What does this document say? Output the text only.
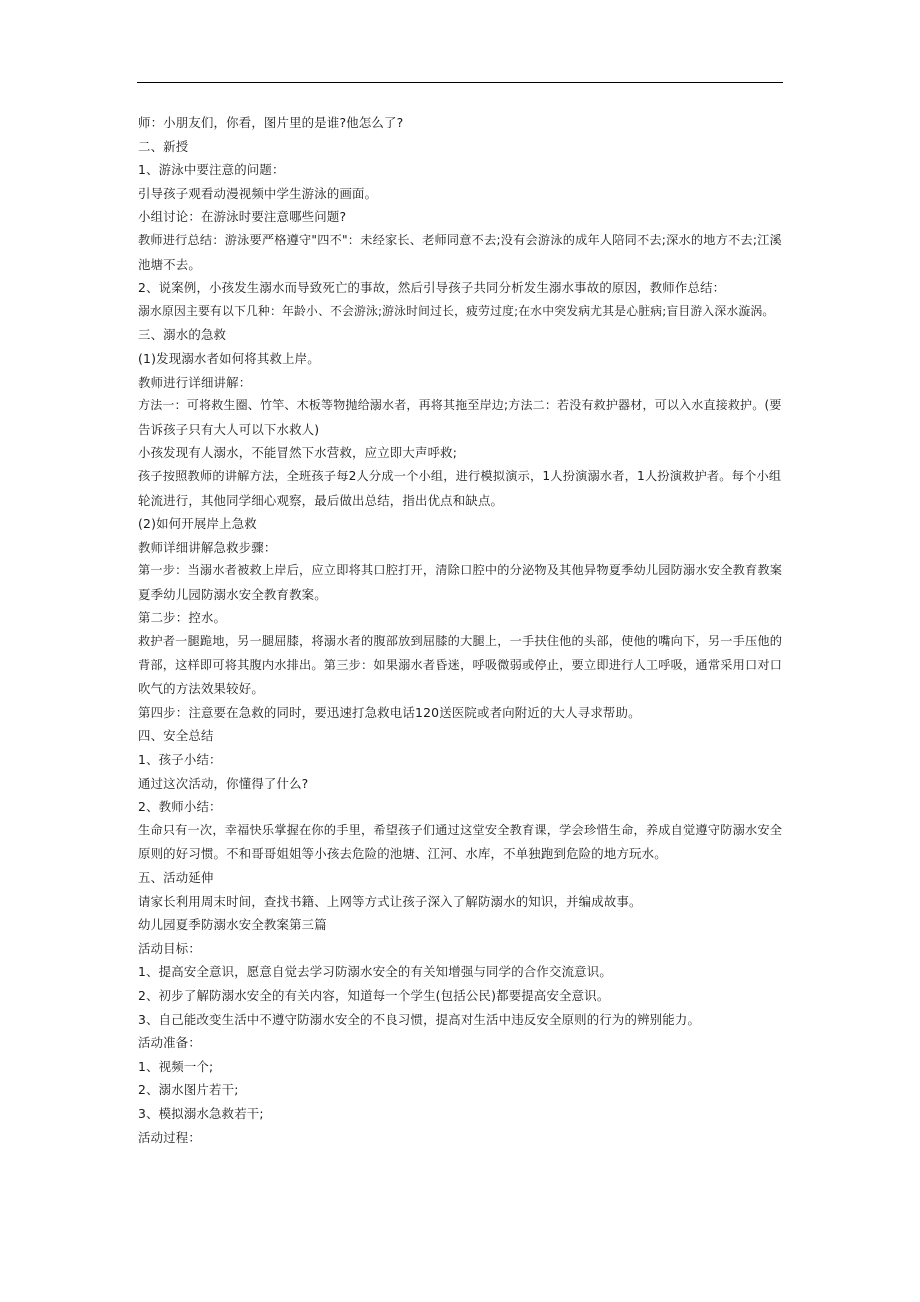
师：小朋友们，你看，图片里的是谁?他怎么了?

二、新授

1、游泳中要注意的问题：

引导孩子观看动漫视频中学生游泳的画面。

小组讨论：在游泳时要注意哪些问题?

教师进行总结：游泳要严格遵守"四不"：未经家长、老师同意不去;没有会游泳的成年人陪同不去;深水的地方不去;江溪

池塘不去。

2、说案例，小孩发生溺水而导致死亡的事故，然后引导孩子共同分析发生溺水事故的原因，教师作总结：

溺水原因主要有以下几种：年龄小、不会游泳;游泳时间过长，疲劳过度;在水中突发病尤其是心脏病;盲目游入深水漩涡。

三、溺水的急救

(1)发现溺水者如何将其救上岸。

教师进行详细讲解：

方法一：可将救生圈、竹竿、木板等物抛给溺水者，再将其拖至岸边;方法二：若没有救护器材，可以入水直接救护。(要

告诉孩子只有大人可以下水救人)

小孩发现有人溺水，不能冒然下水营救，应立即大声呼救;

孩子按照教师的讲解方法，全班孩子每2人分成一个小组，进行模拟演示，1人扮演溺水者，1人扮演救护者。每个小组

轮流进行，其他同学细心观察，最后做出总结，指出优点和缺点。

(2)如何开展岸上急救

教师详细讲解急救步骤：

第一步：当溺水者被救上岸后，应立即将其口腔打开，清除口腔中的分泌物及其他异物夏季幼儿园防溺水安全教育教案

夏季幼儿园防溺水安全教育教案。

第二步：控水。

救护者一腿跪地，另一腿屈膝，将溺水者的腹部放到屈膝的大腿上，一手扶住他的头部，使他的嘴向下，另一手压他的

背部，这样即可将其腹内水排出。第三步：如果溺水者昏迷，呼吸微弱或停止，要立即进行人工呼吸，通常采用口对口

吹气的方法效果较好。

第四步：注意要在急救的同时，要迅速打急救电话120送医院或者向附近的大人寻求帮助。

四、安全总结

1、孩子小结：

通过这次活动，你懂得了什么?

2、教师小结：

生命只有一次，幸福快乐掌握在你的手里，希望孩子们通过这堂安全教育课，学会珍惜生命，养成自觉遵守防溺水安全

原则的好习惯。不和哥哥姐姐等小孩去危险的池塘、江河、水库，不单独跑到危险的地方玩水。

五、活动延伸

请家长利用周末时间，查找书籍、上网等方式让孩子深入了解防溺水的知识，并编成故事。

幼儿园夏季防溺水安全教案第三篇

活动目标：

1、提高安全意识，愿意自觉去学习防溺水安全的有关知增强与同学的合作交流意识。

2、初步了解防溺水安全的有关内容，知道每一个学生(包括公民)都要提高安全意识。

3、自己能改变生活中不遵守防溺水安全的不良习惯，提高对生活中违反安全原则的行为的辨别能力。

活动准备：

1、视频一个;

2、溺水图片若干;

3、模拟溺水急救若干;

活动过程：
